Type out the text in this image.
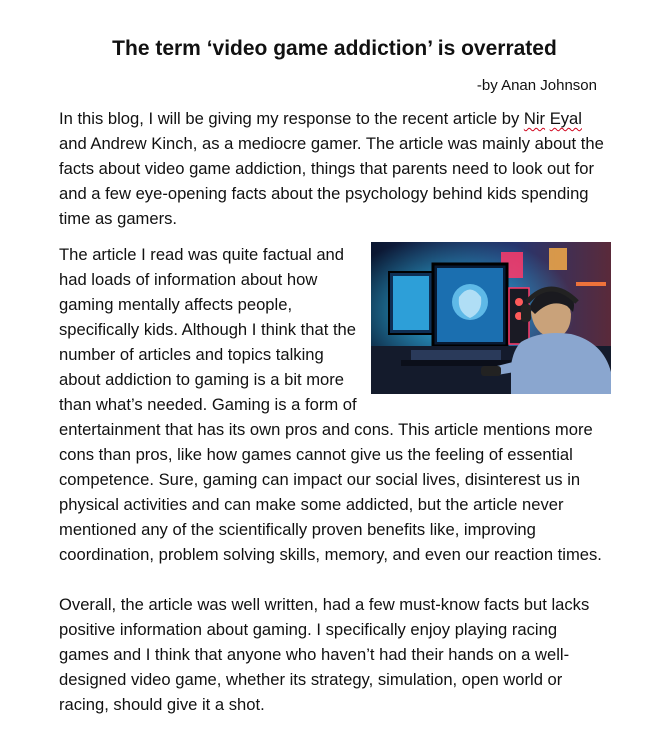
The term ‘video game addiction’ is overrated

-by Anan Johnson

In this blog, I will be giving my response to the recent article by Nir Eyal and Andrew Kinch, as a mediocre gamer. The article was mainly about the facts about video game addiction, things that parents need to look out for and a few eye-opening facts about the psychology behind kids spending time as gamers.

The article I read was quite factual and had loads of information about how gaming mentally affects people, specifically kids. Although I think that the number of articles and topics talking about addiction to gaming is a bit more than what’s needed. Gaming is a form of entertainment that has its own pros and cons. This article mentions more cons than pros, like how games cannot give us the feeling of essential competence. Sure, gaming can impact our social lives, disinterest us in physical activities and can make some addicted, but the article never mentioned any of the scientifically proven benefits like, improving coordination, problem solving skills, memory, and even our reaction times.

Overall, the article was well written, had a few must-know facts but lacks positive information about gaming. I specifically enjoy playing racing games and I think that anyone who haven’t had their hands on a well-designed video game, whether its strategy, simulation, open world or racing, should give it a shot.
